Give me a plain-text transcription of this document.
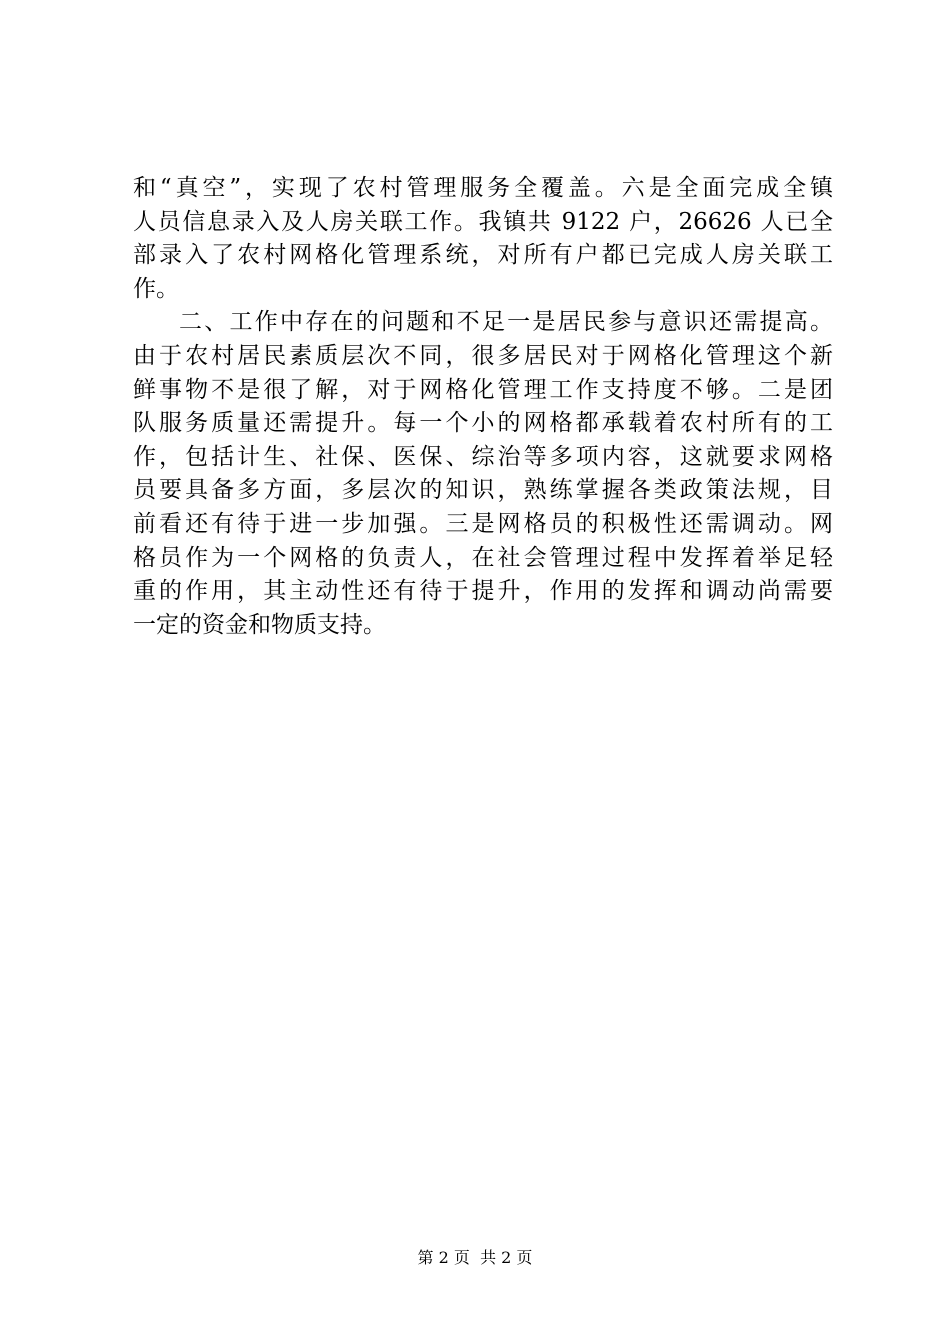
和“真空”，实现了农村管理服务全覆盖。六是全面完成全镇
人员信息录入及人房关联工作。我镇共 9122 户，26626 人已全
部录入了农村网格化管理系统，对所有户都已完成人房关联工
作。
二、工作中存在的问题和不足一是居民参与意识还需提高。
由于农村居民素质层次不同，很多居民对于网格化管理这个新
鲜事物不是很了解，对于网格化管理工作支持度不够。二是团
队服务质量还需提升。每一个小的网格都承载着农村所有的工
作，包括计生、社保、医保、综治等多项内容，这就要求网格
员要具备多方面，多层次的知识，熟练掌握各类政策法规，目
前看还有待于进一步加强。三是网格员的积极性还需调动。网
格员作为一个网格的负责人，在社会管理过程中发挥着举足轻
重的作用，其主动性还有待于提升，作用的发挥和调动尚需要
一定的资金和物质支持。
第 2 页  共 2 页
